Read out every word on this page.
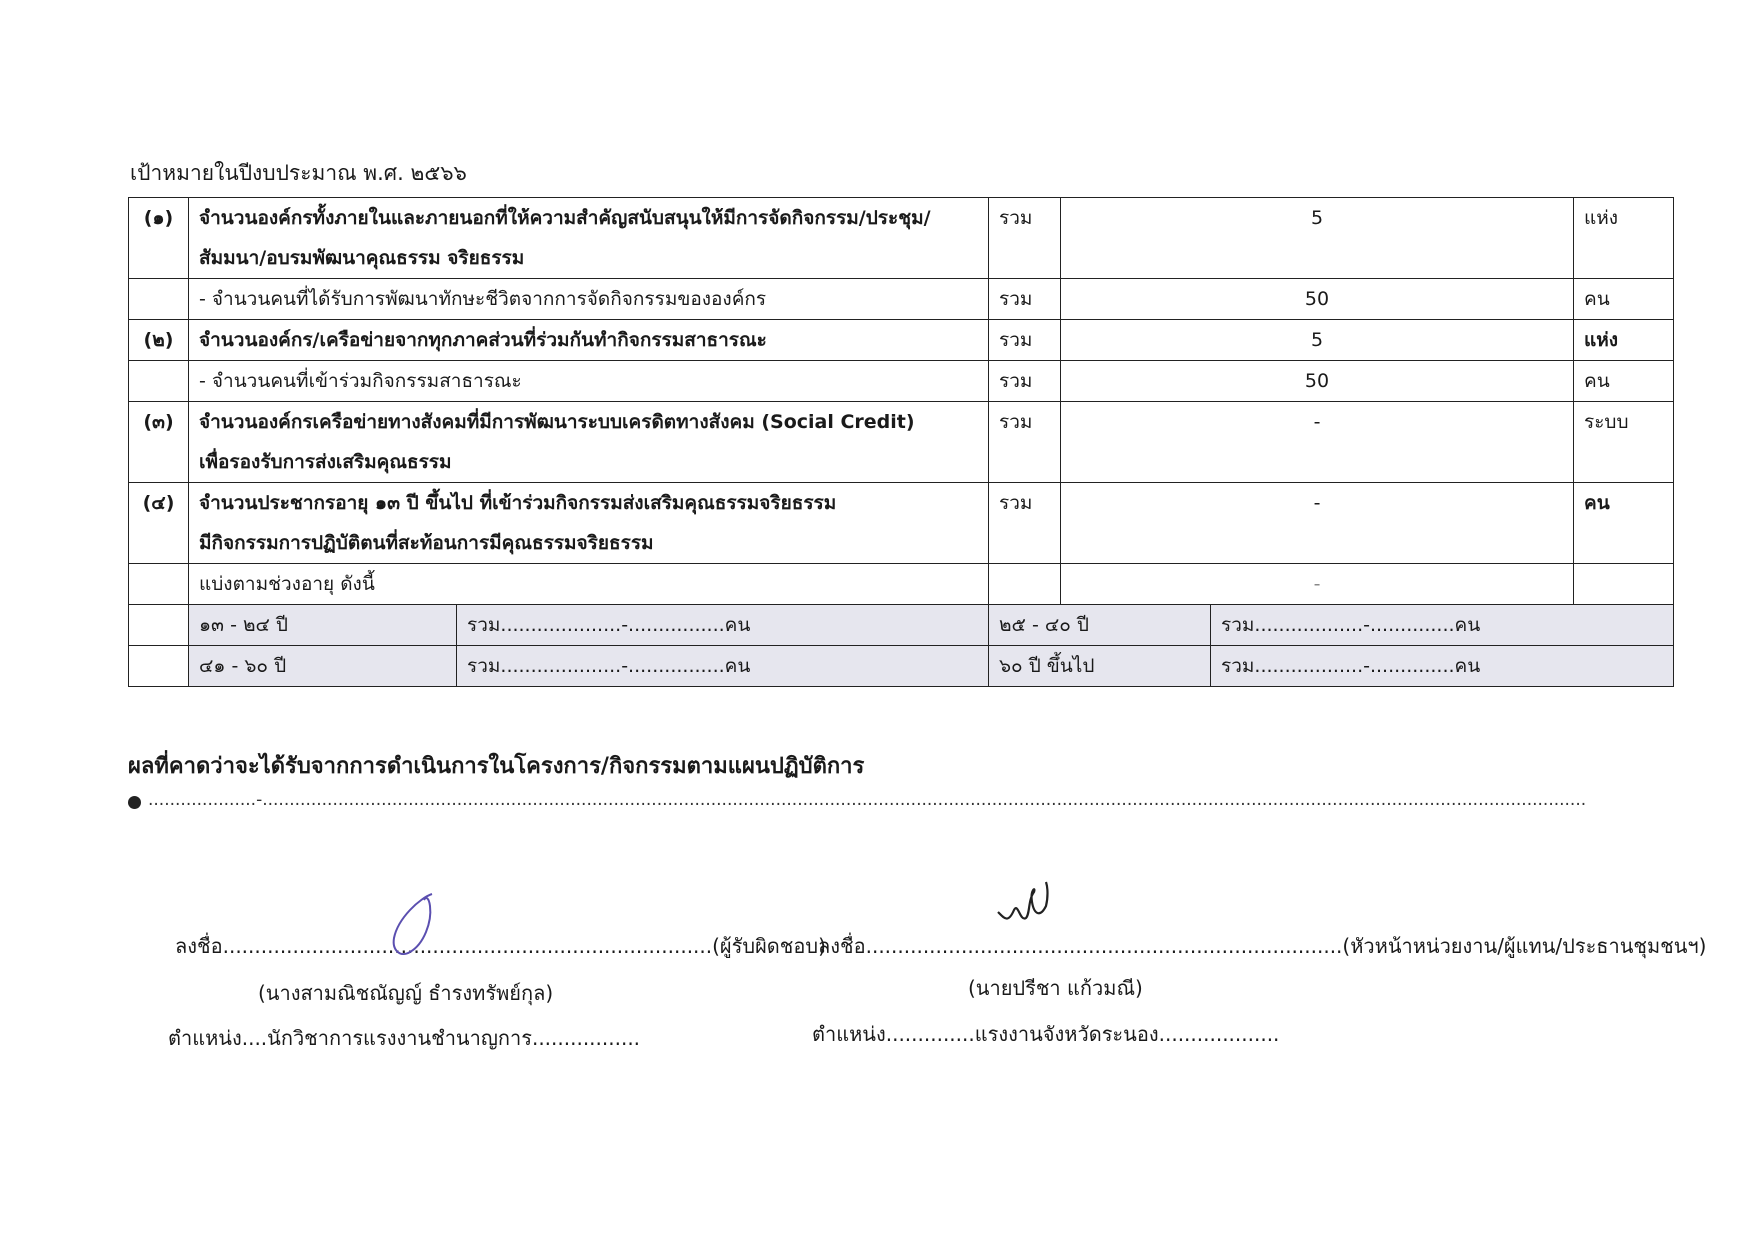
เป้าหมายในปีงบประมาณ พ.ศ. ๒๕๖๖
(๑)	จำนวนองค์กรทั้งภายในและภายนอกที่ให้ความสำคัญสนับสนุนให้มีการจัดกิจกรรม/ประชุม/
สัมมนา/อบรมพัฒนาคุณธรรม จริยธรรม	รวม	5	แห่ง

	- จำนวนคนที่ได้รับการพัฒนาทักษะชีวิตจากการจัดกิจกรรมขององค์กร	รวม	50	คน

(๒)	จำนวนองค์กร/เครือข่ายจากทุกภาคส่วนที่ร่วมกันทำกิจกรรมสาธารณะ	รวม	5	แห่ง

	- จำนวนคนที่เข้าร่วมกิจกรรมสาธารณะ	รวม	50	คน

(๓)	จำนวนองค์กรเครือข่ายทางสังคมที่มีการพัฒนาระบบเครดิตทางสังคม (Social Credit)
เพื่อรองรับการส่งเสริมคุณธรรม	รวม	-	ระบบ

(๔)	จำนวนประชากรอายุ ๑๓ ปี ขึ้นไป ที่เข้าร่วมกิจกรรมส่งเสริมคุณธรรมจริยธรรม
มีกิจกรรมการปฏิบัติตนที่สะท้อนการมีคุณธรรมจริยธรรม	รวม	-	คน

	แบ่งตามช่วงอายุ ดังนี้		-	

	๑๓ - ๒๔ ปี รวม....................-................คน ๒๕ - ๔๐ ปี รวม..................-..............คน			

	๔๑ - ๖๐ ปี รวม....................-................คน ๖๐ ปี ขึ้นไป รวม..................-..............คน			
ผลที่คาดว่าจะได้รับจากการดำเนินการในโครงการ/กิจกรรมตามแผนปฏิบัติการ
....................-.....................................................................................................................................................................................................................................................
ลงชื่อ.............................................................................(ผู้รับผิดชอบ)
(นางสามณิชณัญญ์ ธำรงทรัพย์กุล)
ตำแหน่ง....นักวิชาการแรงงานชำนาญการ.................
ลงชื่อ...........................................................................(หัวหน้าหน่วยงาน/ผู้แทน/ประธานชุมชนฯ)
(นายปรีชา แก้วมณี)
ตำแหน่ง..............แรงงานจังหวัดระนอง...................
